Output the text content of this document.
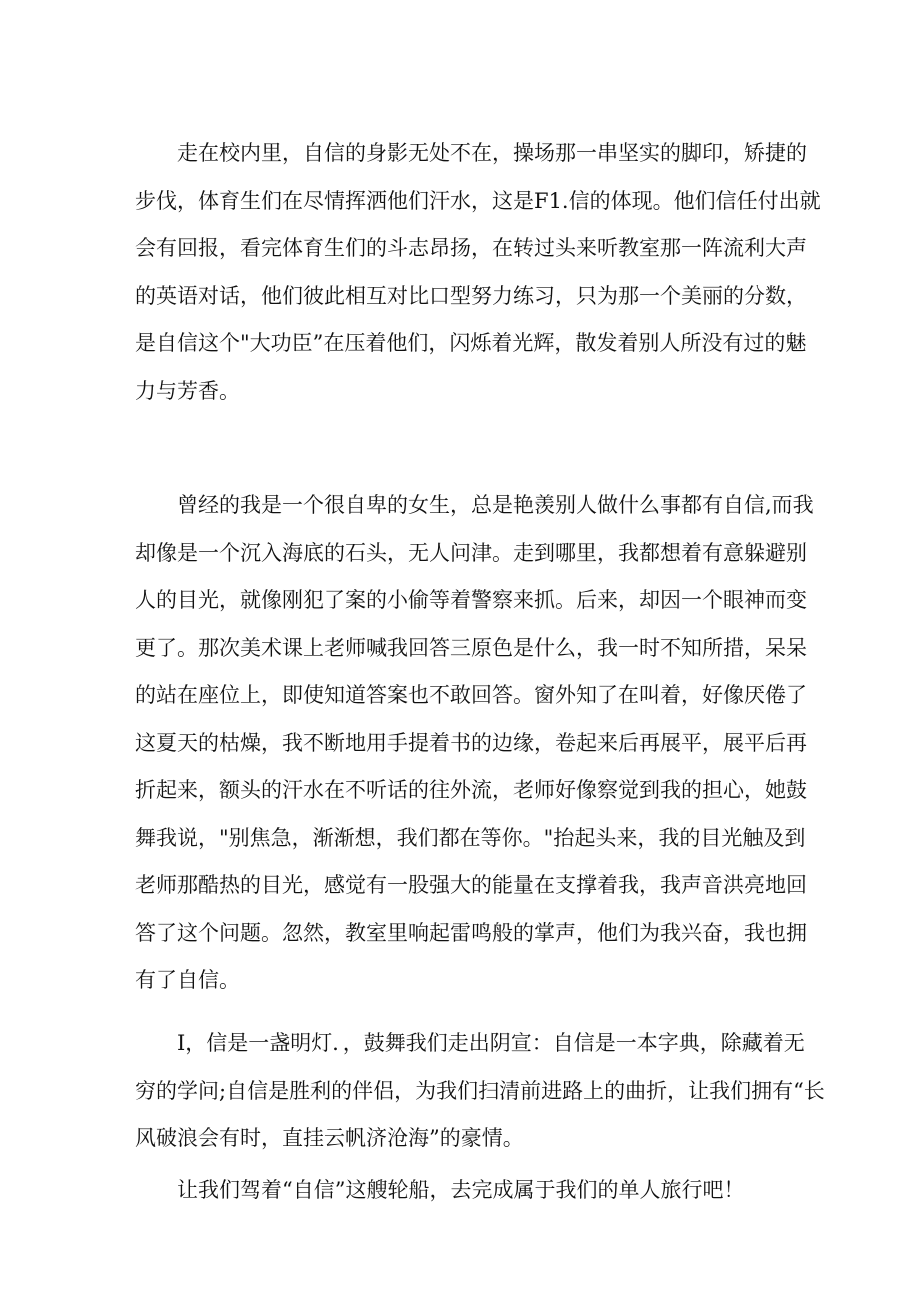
　　走在校内里，自信的身影无处不在，操场那一串坚实的脚印，矫捷的
步伐，体育生们在尽情挥洒他们汗水，这是F1.信的体现。他们信任付出就
会有回报，看完体育生们的斗志昂扬，在转过头来听教室那一阵流利大声
的英语对话，他们彼此相互对比口型努力练习，只为那一个美丽的分数，
是自信这个"大功臣”在压着他们，闪烁着光辉，散发着别人所没有过的魅
力与芳香。

　　曾经的我是一个很自卑的女生，总是艳羡别人做什么事都有自信,而我
却像是一个沉入海底的石头，无人问津。走到哪里，我都想着有意躲避别
人的目光，就像刚犯了案的小偷等着警察来抓。后来，却因一个眼神而变
更了。那次美术课上老师喊我回答三原色是什么，我一时不知所措，呆呆
的站在座位上，即使知道答案也不敢回答。窗外知了在叫着，好像厌倦了
这夏天的枯燥，我不断地用手提着书的边缘，卷起来后再展平，展平后再
折起来，额头的汗水在不听话的往外流，老师好像察觉到我的担心，她鼓
舞我说，"别焦急，渐渐想，我们都在等你。"抬起头来，我的目光触及到
老师那酷热的目光，感觉有一股强大的能量在支撑着我，我声音洪亮地回
答了这个问题。忽然，教室里响起雷鸣般的掌声，他们为我兴奋，我也拥
有了自信。

　　I，信是一盏明灯．，鼓舞我们走出阴宣：自信是一本字典，除藏着无
穷的学问;自信是胜利的伴侣，为我们扫清前进路上的曲折，让我们拥有“长
风破浪会有时，直挂云帆济沧海”的豪情。

　　让我们驾着“自信”这艘轮船，去完成属于我们的单人旅行吧！
